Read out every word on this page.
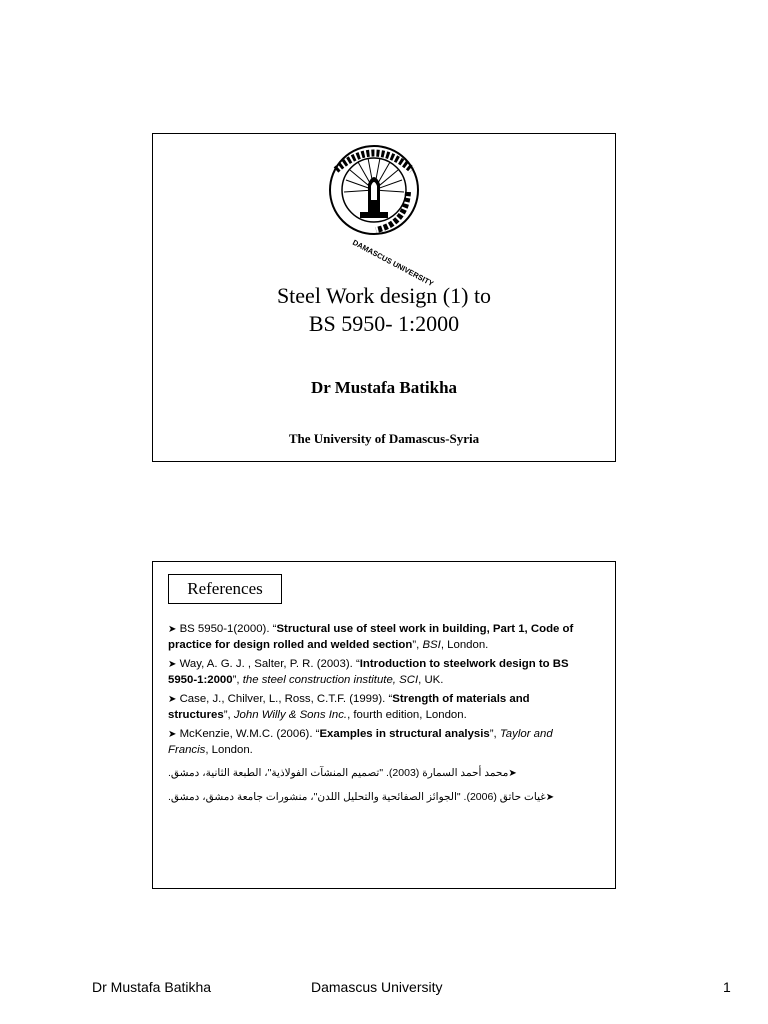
DAMASCUS UNIVERSITY
Steel Work design (1) to
BS 5950- 1:2000
Dr Mustafa Batikha
The University of Damascus-Syria
References
➤ BS 5950-1(2000). “Structural use of steel work in building, Part 1, Code of practice for design rolled and welded section”, BSI, London.
➤ Way, A. G. J. , Salter, P. R. (2003). “Introduction to steelwork design to BS 5950-1:2000”, the steel construction institute, SCI, UK.
➤ Case, J., Chilver, L., Ross, C.T.F. (1999). “Strength of materials and structures”, John Willy & Sons Inc., fourth edition, London.
➤ McKenzie, W.M.C. (2006). “Examples in structural analysis”, Taylor and Francis, London.
➤محمد أحمد السمارة (2003). "تصميم المنشآت الفولاذية"، الطبعة الثانية، دمشق.
➤غيات حاتق (2006). "الجوائز الصفائحية والتحليل اللدن"، منشورات جامعة دمشق، دمشق.
Dr Mustafa Batikha	Damascus University	1
